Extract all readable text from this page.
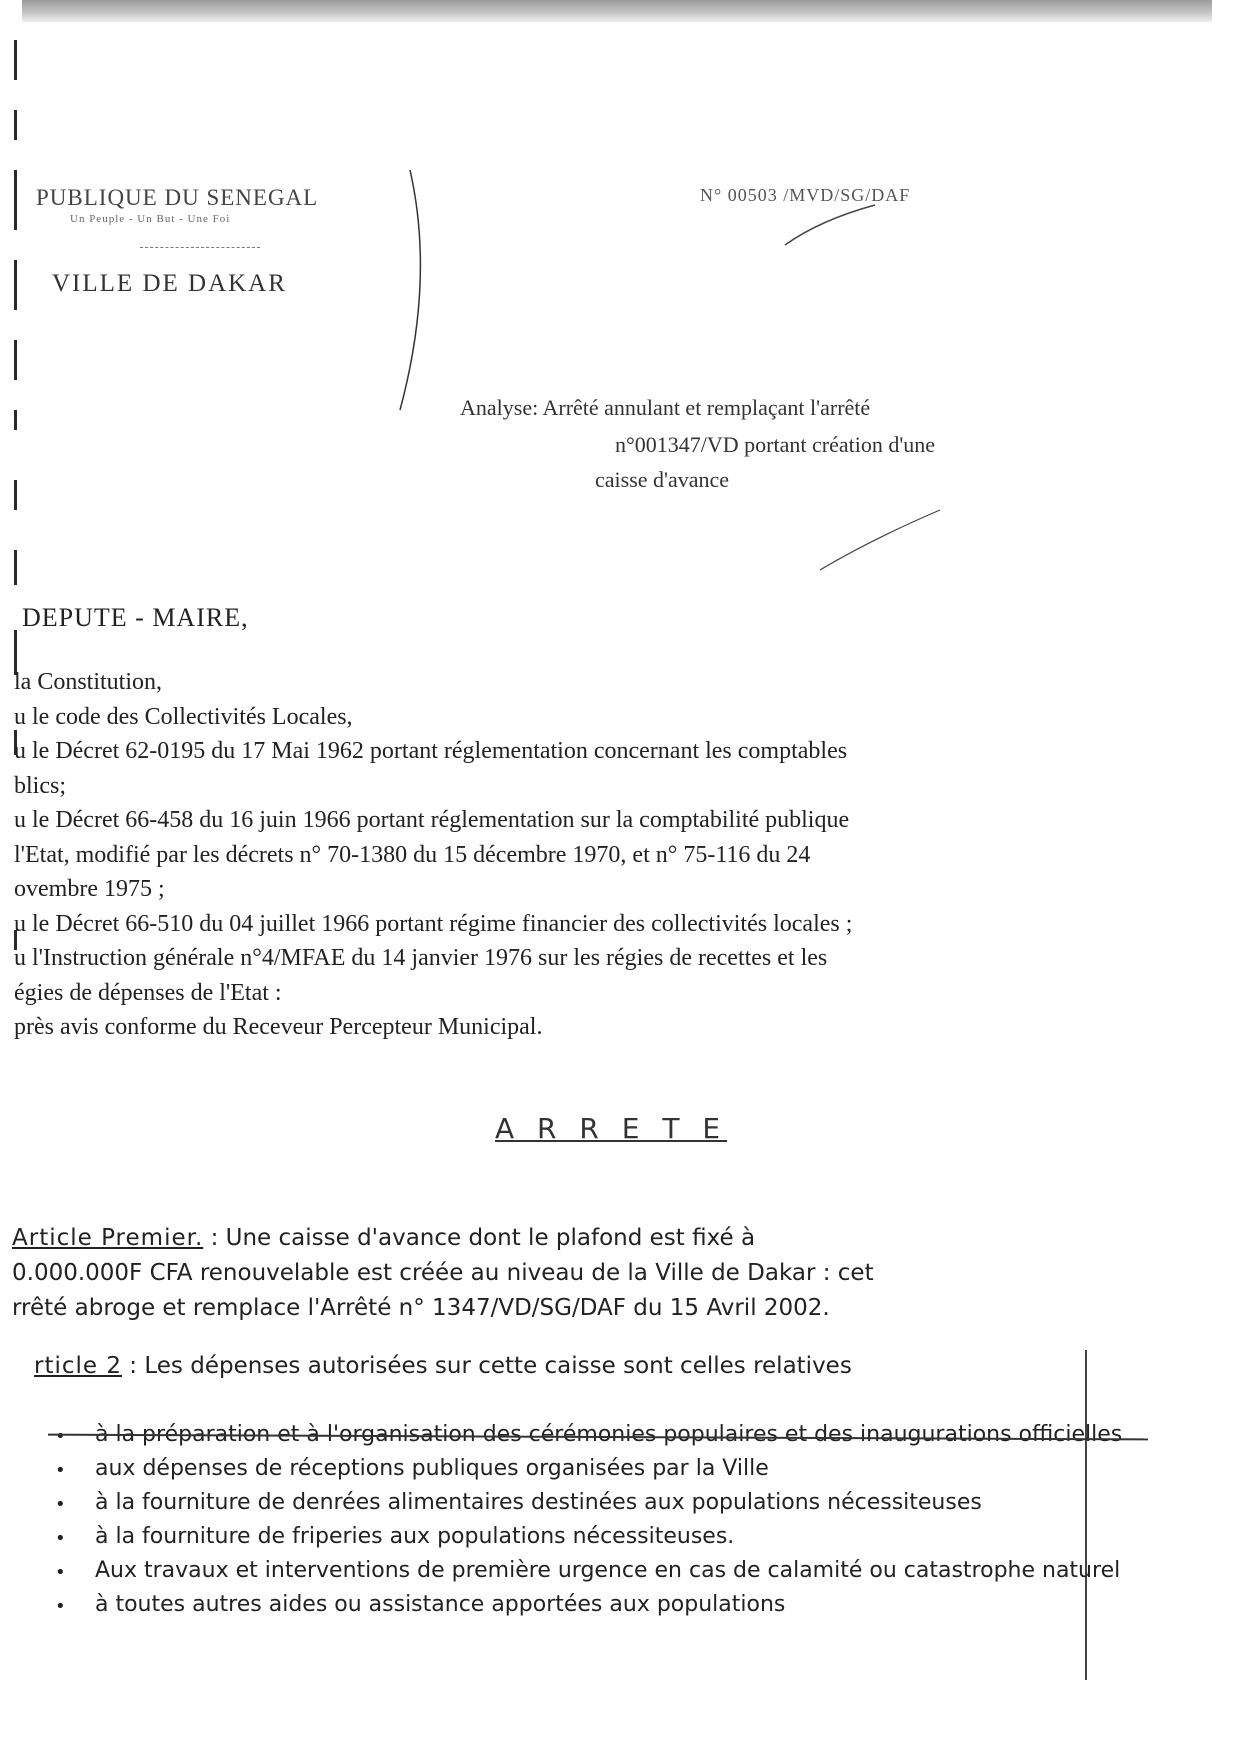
PUBLIQUE DU SENEGAL
Un Peuple - Un But - Une Foi
VILLE DE DAKAR
N° 00503 /MVD/SG/DAF
Analyse: Arrêté annulant et remplaçant l'arrêté
n°001347/VD portant création d'une
caisse d'avance
DEPUTE - MAIRE,
la Constitution,
u le code des Collectivités Locales,
u le Décret 62-0195 du 17 Mai 1962 portant réglementation concernant les comptables
blics;
u le Décret 66-458 du 16 juin 1966 portant réglementation sur la comptabilité publique
l'Etat, modifié par les décrets n° 70-1380 du 15 décembre 1970, et n° 75-116 du 24
ovembre 1975 ;
u le Décret 66-510 du 04 juillet 1966 portant régime financier des collectivités locales ;
u l'Instruction générale n°4/MFAE du 14 janvier 1976 sur les régies de recettes et les
égies de dépenses de l'Etat :
près avis conforme du Receveur Percepteur Municipal.
A R R E T E
Article Premier. : Une caisse d'avance dont le plafond est fixé à
0.000.000F CFA renouvelable est créée au niveau de la Ville de Dakar : cet
rrêté abroge et remplace l'Arrêté n° 1347/VD/SG/DAF du 15 Avril 2002.
rticle 2 : Les dépenses autorisées sur cette caisse sont celles relatives
• à la préparation et à l'organisation des cérémonies populaires et des inaugurations officielles
• aux dépenses de réceptions publiques organisées par la Ville
• à la fourniture de denrées alimentaires destinées aux populations nécessiteuses
• à la fourniture de friperies aux populations nécessiteuses.
• Aux travaux et interventions de première urgence en cas de calamité ou catastrophe naturel
• à toutes autres aides ou assistance apportées aux populations
